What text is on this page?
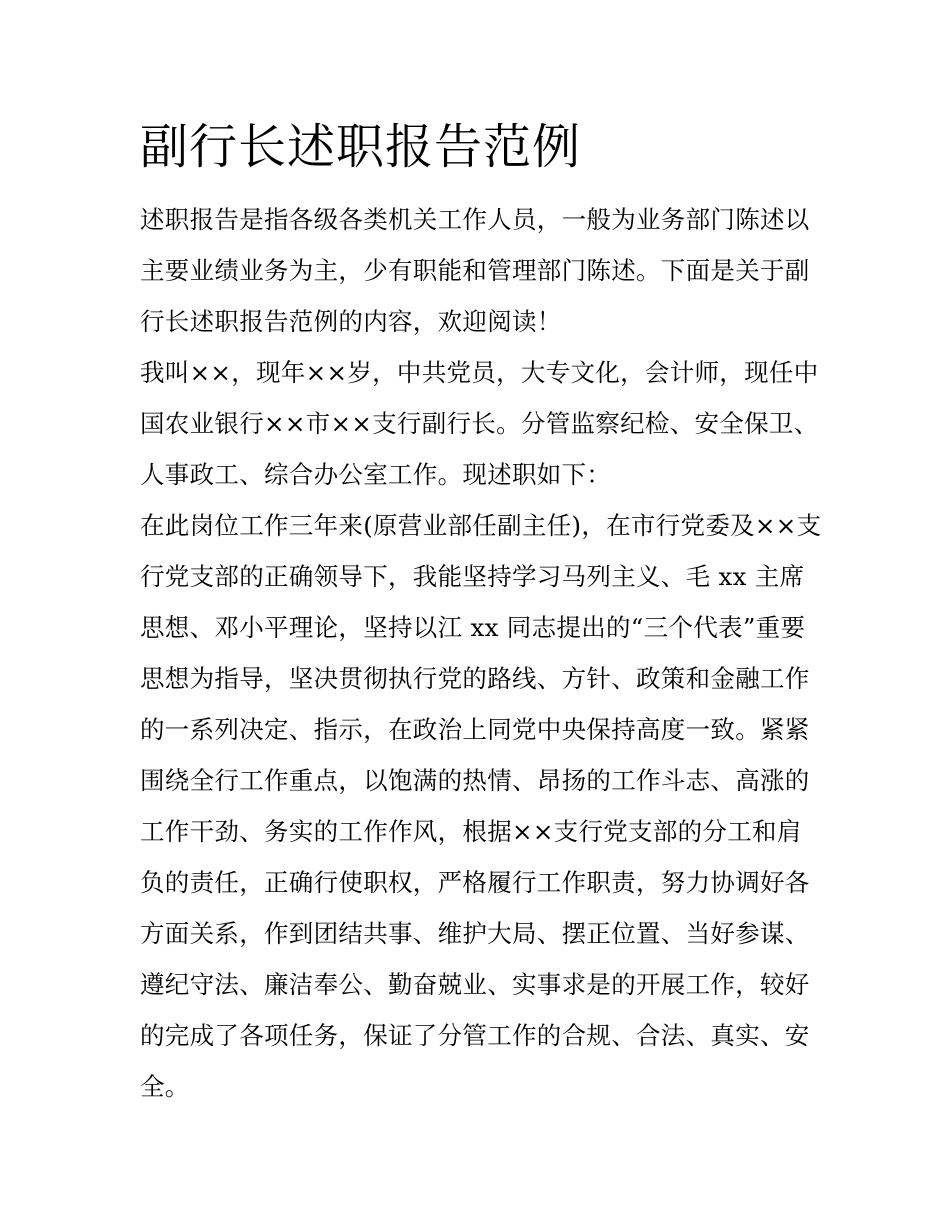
副行长述职报告范例
述职报告是指各级各类机关工作人员，一般为业务部门陈述以
主要业绩业务为主，少有职能和管理部门陈述。下面是关于副
行长述职报告范例的内容，欢迎阅读！
我叫××，现年××岁，中共党员，大专文化，会计师，现任中
国农业银行××市××支行副行长。分管监察纪检、安全保卫、
人事政工、综合办公室工作。现述职如下：
在此岗位工作三年来(原营业部任副主任)，在市行党委及××支
行党支部的正确领导下，我能坚持学习马列主义、毛 xx 主席
思想、邓小平理论，坚持以江 xx 同志提出的“三个代表”重要
思想为指导，坚决贯彻执行党的路线、方针、政策和金融工作
的一系列决定、指示，在政治上同党中央保持高度一致。紧紧
围绕全行工作重点，以饱满的热情、昂扬的工作斗志、高涨的
工作干劲、务实的工作作风，根据××支行党支部的分工和肩
负的责任，正确行使职权，严格履行工作职责，努力协调好各
方面关系，作到团结共事、维护大局、摆正位置、当好参谋、
遵纪守法、廉洁奉公、勤奋兢业、实事求是的开展工作，较好
的完成了各项任务，保证了分管工作的合规、合法、真实、安
全。
